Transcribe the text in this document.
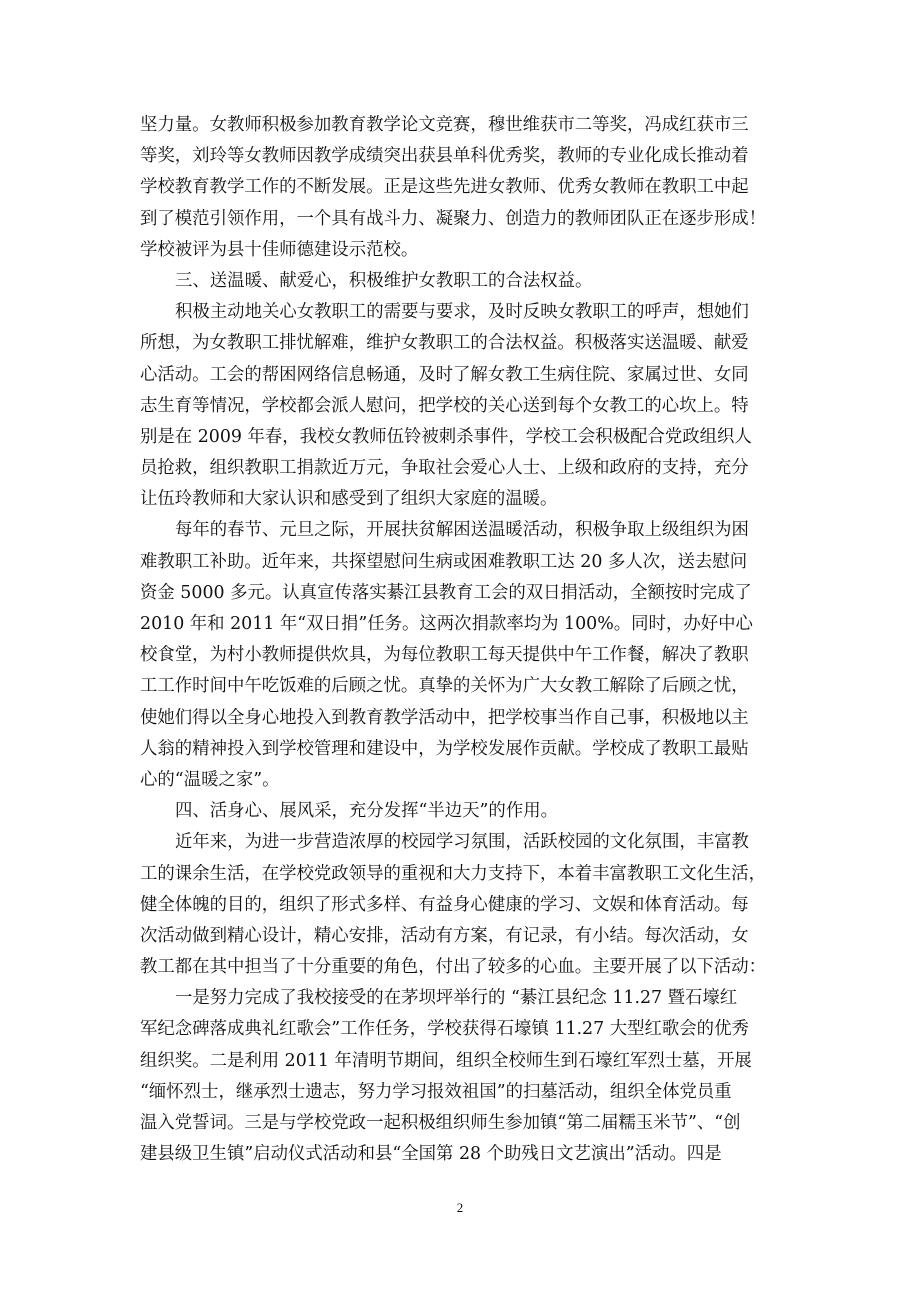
坚力量。女教师积极参加教育教学论文竞赛，穆世维获市二等奖，冯成红获市三
等奖，刘玲等女教师因教学成绩突出获县单科优秀奖，教师的专业化成长推动着
学校教育教学工作的不断发展。正是这些先进女教师、优秀女教师在教职工中起
到了模范引领作用，一个具有战斗力、凝聚力、创造力的教师团队正在逐步形成！
学校被评为县十佳师德建设示范校。
三、送温暖、献爱心，积极维护女教职工的合法权益。
积极主动地关心女教职工的需要与要求，及时反映女教职工的呼声，想她们
所想，为女教职工排忧解难，维护女教职工的合法权益。积极落实送温暖、献爱
心活动。工会的帮困网络信息畅通，及时了解女教工生病住院、家属过世、女同
志生育等情况，学校都会派人慰问，把学校的关心送到每个女教工的心坎上。特
别是在 2009 年春，我校女教师伍铃被刺杀事件，学校工会积极配合党政组织人
员抢救，组织教职工捐款近万元，争取社会爱心人士、上级和政府的支持，充分
让伍玲教师和大家认识和感受到了组织大家庭的温暖。
每年的春节、元旦之际，开展扶贫解困送温暖活动，积极争取上级组织为困
难教职工补助。近年来，共探望慰问生病或困难教职工达 20 多人次，送去慰问
资金 5000 多元。认真宣传落实綦江县教育工会的双日捐活动，全额按时完成了
2010 年和 2011 年“双日捐”任务。这两次捐款率均为 100%。同时，办好中心
校食堂，为村小教师提供炊具，为每位教职工每天提供中午工作餐，解决了教职
工工作时间中午吃饭难的后顾之忧。真挚的关怀为广大女教工解除了后顾之忧，
使她们得以全身心地投入到教育教学活动中，把学校事当作自己事，积极地以主
人翁的精神投入到学校管理和建设中，为学校发展作贡献。学校成了教职工最贴
心的“温暖之家”。
四、活身心、展风采，充分发挥“半边天”的作用。
近年来，为进一步营造浓厚的校园学习氛围，活跃校园的文化氛围，丰富教
工的课余生活，在学校党政领导的重视和大力支持下，本着丰富教职工文化生活，
健全体魄的目的，组织了形式多样、有益身心健康的学习、文娱和体育活动。每
次活动做到精心设计，精心安排，活动有方案，有记录，有小结。每次活动，女
教工都在其中担当了十分重要的角色，付出了较多的心血。主要开展了以下活动：
一是努力完成了我校接受的在茅坝坪举行的 “綦江县纪念 11.27 暨石壕红
军纪念碑落成典礼红歌会”工作任务，学校获得石壕镇 11.27 大型红歌会的优秀
组织奖。二是利用 2011 年清明节期间，组织全校师生到石壕红军烈士墓，开展
“缅怀烈士，继承烈士遗志，努力学习报效祖国”的扫墓活动，组织全体党员重
温入党誓词。三是与学校党政一起积极组织师生参加镇“第二届糯玉米节”、“创
建县级卫生镇”启动仪式活动和县“全国第 28 个助残日文艺演出”活动。四是
2
